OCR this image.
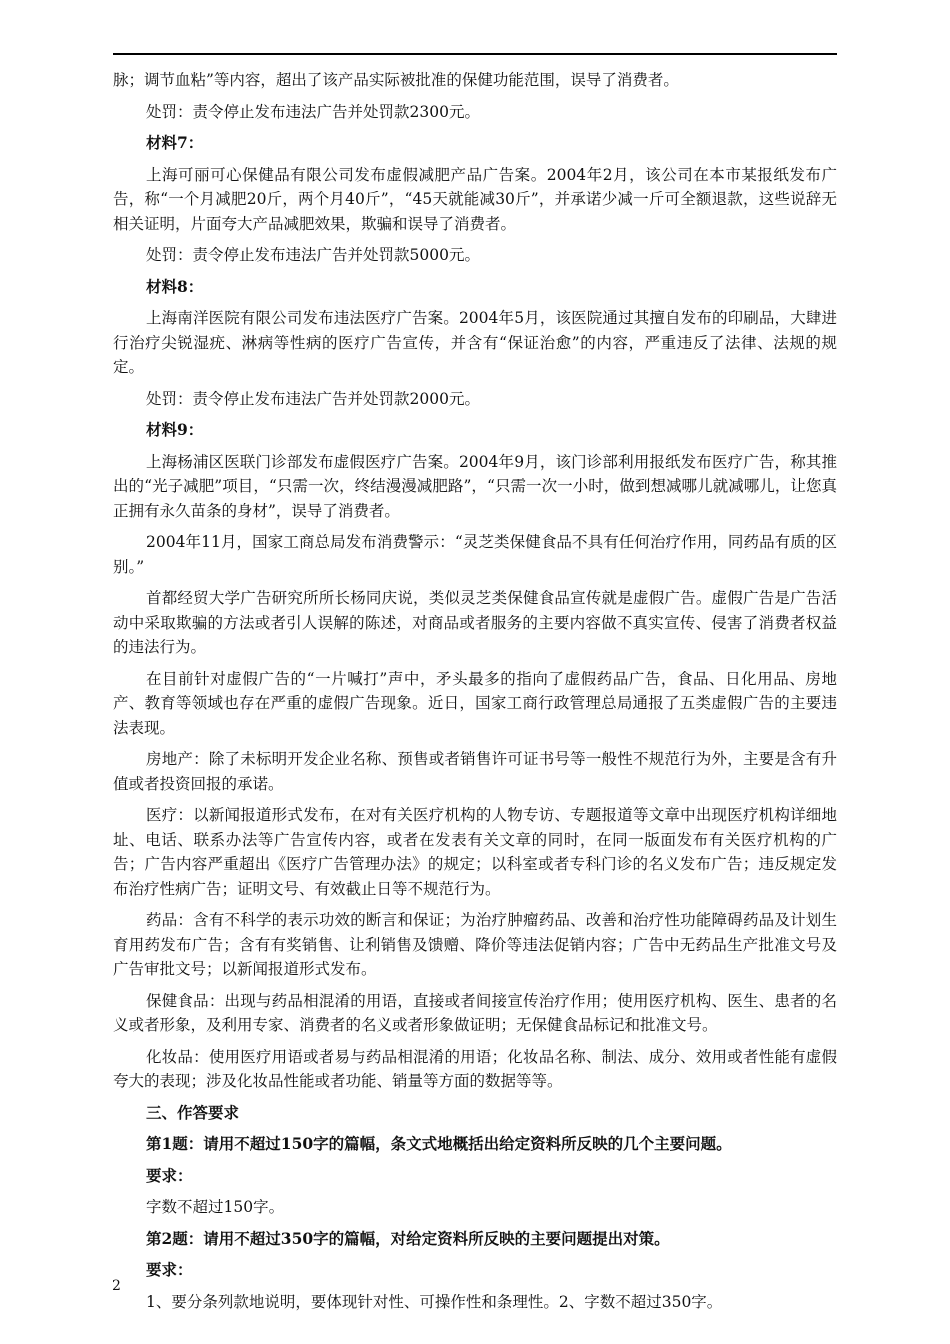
脉；调节血粘”等内容，超出了该产品实际被批准的保健功能范围，误导了消费者。

处罚：责令停止发布违法广告并处罚款2300元。

材料7：

上海可丽可心保健品有限公司发布虚假减肥产品广告案。2004年2月，该公司在本市某报纸发布广告，称“一个月减肥20斤，两个月40斤”，“45天就能减30斤”，并承诺少减一斤可全额退款，这些说辞无相关证明，片面夸大产品减肥效果，欺骗和误导了消费者。

处罚：责令停止发布违法广告并处罚款5000元。

材料8：

上海南洋医院有限公司发布违法医疗广告案。2004年5月，该医院通过其擅自发布的印刷品，大肆进行治疗尖锐湿疣、淋病等性病的医疗广告宣传，并含有“保证治愈”的内容，严重违反了法律、法规的规定。

处罚：责令停止发布违法广告并处罚款2000元。

材料9：

上海杨浦区医联门诊部发布虚假医疗广告案。2004年9月，该门诊部利用报纸发布医疗广告，称其推出的“光子减肥”项目，“只需一次，终结漫漫减肥路”，“只需一次一小时，做到想减哪儿就减哪儿，让您真正拥有永久苗条的身材”，误导了消费者。

2004年11月，国家工商总局发布消费警示：“灵芝类保健食品不具有任何治疗作用，同药品有质的区别。”

首都经贸大学广告研究所所长杨同庆说，类似灵芝类保健食品宣传就是虚假广告。虚假广告是广告活动中采取欺骗的方法或者引人误解的陈述，对商品或者服务的主要内容做不真实宣传、侵害了消费者权益的违法行为。

在目前针对虚假广告的“一片喊打”声中，矛头最多的指向了虚假药品广告，食品、日化用品、房地产、教育等领域也存在严重的虚假广告现象。近日，国家工商行政管理总局通报了五类虚假广告的主要违法表现。

房地产：除了未标明开发企业名称、预售或者销售许可证书号等一般性不规范行为外，主要是含有升值或者投资回报的承诺。

医疗：以新闻报道形式发布，在对有关医疗机构的人物专访、专题报道等文章中出现医疗机构详细地址、电话、联系办法等广告宣传内容，或者在发表有关文章的同时，在同一版面发布有关医疗机构的广告；广告内容严重超出《医疗广告管理办法》的规定；以科室或者专科门诊的名义发布广告；违反规定发布治疗性病广告；证明文号、有效截止日等不规范行为。

药品：含有不科学的表示功效的断言和保证；为治疗肿瘤药品、改善和治疗性功能障碍药品及计划生育用药发布广告；含有有奖销售、让利销售及馈赠、降价等违法促销内容；广告中无药品生产批准文号及广告审批文号；以新闻报道形式发布。

保健食品：出现与药品相混淆的用语，直接或者间接宣传治疗作用；使用医疗机构、医生、患者的名义或者形象，及利用专家、消费者的名义或者形象做证明；无保健食品标记和批准文号。

化妆品：使用医疗用语或者易与药品相混淆的用语；化妆品名称、制法、成分、效用或者性能有虚假夸大的表现；涉及化妆品性能或者功能、销量等方面的数据等等。

三、作答要求

第1题：请用不超过150字的篇幅，条文式地概括出给定资料所反映的几个主要问题。

要求：

字数不超过150字。

第2题：请用不超过350字的篇幅，对给定资料所反映的主要问题提出对策。

要求：

1、要分条列款地说明，要体现针对性、可操作性和条理性。2、字数不超过350字。

2
